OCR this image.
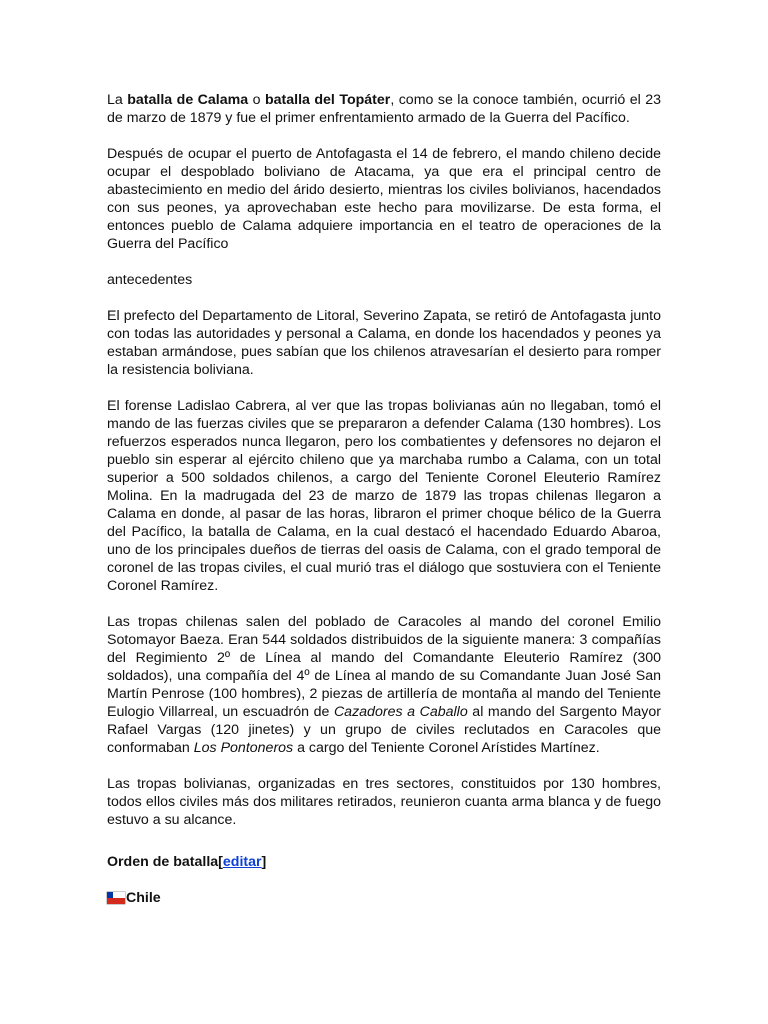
La batalla de Calama o batalla del Topáter, como se la conoce también, ocurrió el 23 de marzo de 1879 y fue el primer enfrentamiento armado de la Guerra del Pacífico.

Después de ocupar el puerto de Antofagasta el 14 de febrero, el mando chileno decide ocupar el despoblado boliviano de Atacama, ya que era el principal centro de abastecimiento en medio del árido desierto, mientras los civiles bolivianos, hacendados con sus peones, ya aprovechaban este hecho para movilizarse. De esta forma, el entonces pueblo de Calama adquiere importancia en el teatro de operaciones de la Guerra del Pacífico

antecedentes

El prefecto del Departamento de Litoral, Severino Zapata, se retiró de Antofagasta junto con todas las autoridades y personal a Calama, en donde los hacendados y peones ya estaban armándose, pues sabían que los chilenos atravesarían el desierto para romper la resistencia boliviana.

El forense Ladislao Cabrera, al ver que las tropas bolivianas aún no llegaban, tomó el mando de las fuerzas civiles que se prepararon a defender Calama (130 hombres). Los refuerzos esperados nunca llegaron, pero los combatientes y defensores no dejaron el pueblo sin esperar al ejército chileno que ya marchaba rumbo a Calama, con un total superior a 500 soldados chilenos, a cargo del Teniente Coronel Eleuterio Ramírez Molina. En la madrugada del 23 de marzo de 1879 las tropas chilenas llegaron a Calama en donde, al pasar de las horas, libraron el primer choque bélico de la Guerra del Pacífico, la batalla de Calama, en la cual destacó el hacendado Eduardo Abaroa, uno de los principales dueños de tierras del oasis de Calama, con el grado temporal de coronel de las tropas civiles, el cual murió tras el diálogo que sostuviera con el Teniente Coronel Ramírez.

Las tropas chilenas salen del poblado de Caracoles al mando del coronel Emilio Sotomayor Baeza. Eran 544 soldados distribuidos de la siguiente manera: 3 compañías del Regimiento 2º de Línea al mando del Comandante Eleuterio Ramírez (300 soldados), una compañía del 4º de Línea al mando de su Comandante Juan José San Martín Penrose (100 hombres), 2 piezas de artillería de montaña al mando del Teniente Eulogio Villarreal, un escuadrón de Cazadores a Caballo al mando del Sargento Mayor Rafael Vargas (120 jinetes) y un grupo de civiles reclutados en Caracoles que conformaban Los Pontoneros a cargo del Teniente Coronel Arístides Martínez.

Las tropas bolivianas, organizadas en tres sectores, constituidos por 130 hombres, todos ellos civiles más dos militares retirados, reunieron cuanta arma blanca y de fuego estuvo a su alcance.

Orden de batalla[editar]
Chile
